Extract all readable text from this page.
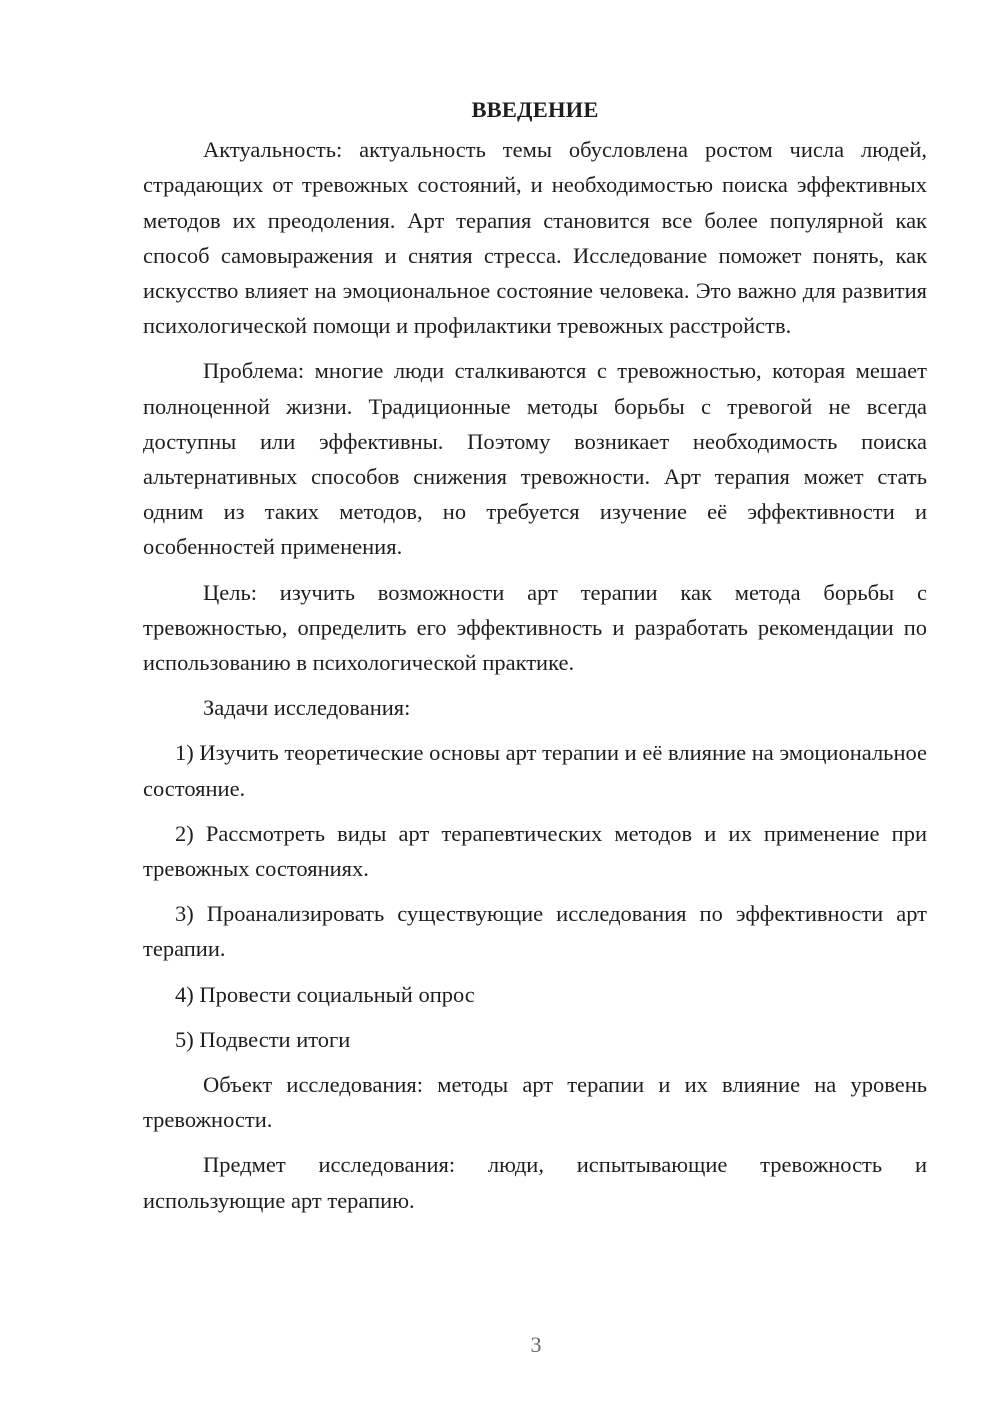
ВВЕДЕНИЕ

Актуальность: актуальность темы обусловлена ростом числа людей, страдающих от тревожных состояний, и необходимостью поиска эффективных методов их преодоления. Арт терапия становится все более популярной как способ самовыражения и снятия стресса. Исследование поможет понять, как искусство влияет на эмоциональное состояние человека. Это важно для развития психологической помощи и профилактики тревожных расстройств.

Проблема: многие люди сталкиваются с тревожностью, которая мешает полноценной жизни. Традиционные методы борьбы с тревогой не всегда доступны или эффективны. Поэтому возникает необходимость поиска альтернативных способов снижения тревожности. Арт терапия может стать одним из таких методов, но требуется изучение её эффективности и особенностей применения.

Цель: изучить возможности арт терапии как метода борьбы с тревожностью, определить его эффективность и разработать рекомендации по использованию в психологической практике.

Задачи исследования:

1) Изучить теоретические основы арт терапии и её влияние на эмоциональное состояние.

2) Рассмотреть виды арт терапевтических методов и их применение при тревожных состояниях.

3) Проанализировать существующие исследования по эффективности арт терапии.

4) Провести социальный опрос

5) Подвести итоги

Объект исследования: методы арт терапии и их влияние на уровень тревожности.

Предмет исследования: люди, испытывающие тревожность и использующие арт терапию.

3
